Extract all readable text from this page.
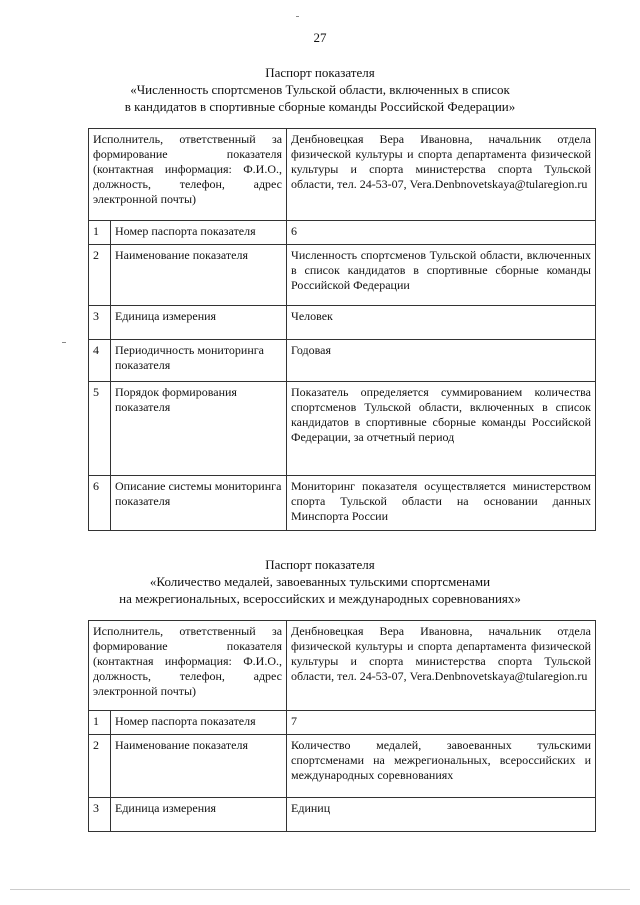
27
Паспорт показателя
«Численность спортсменов Тульской области, включенных в список
в кандидатов в спортивные сборные команды Российской Федерации»
Исполнитель, ответственный за формирование показателя (контактная информация: Ф.И.О., должность, телефон, адрес электронной почты)		Денбновецкая Вера Ивановна, начальник отдела физической культуры и спорта департамента физической культуры и спорта министерства спорта Тульской области, тел. 24-53-07, Vera.Denbnovetskaya@tularegion.ru
1	Номер паспорта показателя	6
2	Наименование показателя	Численность спортсменов Тульской области, включенных в список кандидатов в спортивные сборные команды Российской Федерации
3	Единица измерения	Человек
4	Периодичность мониторинга показателя	Годовая
5	Порядок формирования показателя	Показатель определяется суммированием количества спортсменов Тульской области, включенных в список кандидатов в спортивные сборные команды Российской Федерации, за отчетный период
6	Описание системы мониторинга показателя	Мониторинг показателя осуществляется министерством спорта Тульской области на основании данных Минспорта России
Паспорт показателя
«Количество медалей, завоеванных тульскими спортсменами
на межрегиональных, всероссийских и международных соревнованиях»
Исполнитель, ответственный за формирование показателя (контактная информация: Ф.И.О., должность, телефон, адрес электронной почты)		Денбновецкая Вера Ивановна, начальник отдела физической культуры и спорта департамента физической культуры и спорта министерства спорта Тульской области, тел. 24-53-07, Vera.Denbnovetskaya@tularegion.ru
1	Номер паспорта показателя	7
2	Наименование показателя	Количество медалей, завоеванных тульскими спортсменами на межрегиональных, всероссийских и международных соревнованиях
3	Единица измерения	Единиц
